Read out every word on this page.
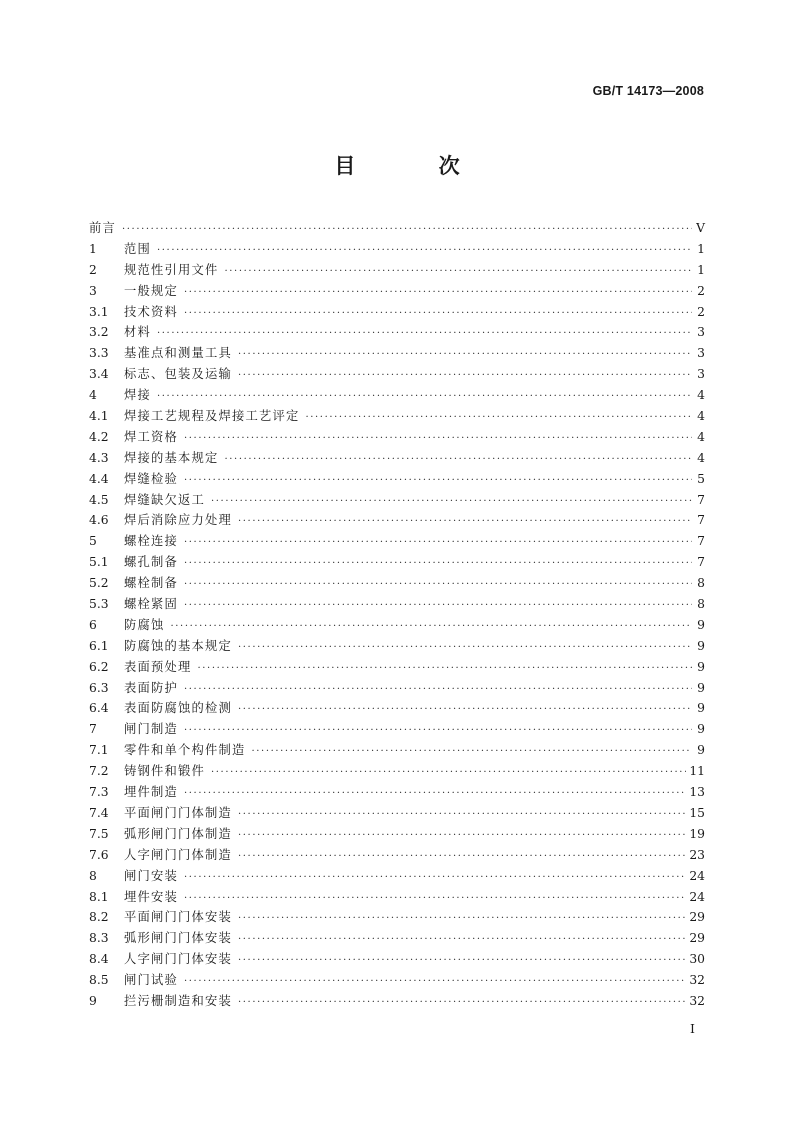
GB/T 14173—2008
目 次
前言 ·····	V
1	范围 ·····	1
2	规范性引用文件 ·····	1
3	一般规定 ·····	2
3.1	技术资料 ·····	2
3.2	材料 ·····	3
3.3	基准点和测量工具 ·····	3
3.4	标志、包装及运输 ·····	3
4	焊接 ·····	4
4.1	焊接工艺规程及焊接工艺评定 ·····	4
4.2	焊工资格 ·····	4
4.3	焊接的基本规定 ·····	4
4.4	焊缝检验 ·····	5
4.5	焊缝缺欠返工 ·····	7
4.6	焊后消除应力处理 ·····	7
5	螺栓连接 ·····	7
5.1	螺孔制备 ·····	7
5.2	螺栓制备 ·····	8
5.3	螺栓紧固 ·····	8
6	防腐蚀 ·····	9
6.1	防腐蚀的基本规定 ·····	9
6.2	表面预处理 ·····	9
6.3	表面防护 ·····	9
6.4	表面防腐蚀的检测 ·····	9
7	闸门制造 ·····	9
7.1	零件和单个构件制造 ·····	9
7.2	铸钢件和锻件 ·····	11
7.3	埋件制造 ·····	13
7.4	平面闸门门体制造 ·····	15
7.5	弧形闸门门体制造 ·····	19
7.6	人字闸门门体制造 ·····	23
8	闸门安装 ·····	24
8.1	埋件安装 ·····	24
8.2	平面闸门门体安装 ·····	29
8.3	弧形闸门门体安装 ·····	29
8.4	人字闸门门体安装 ·····	30
8.5	闸门试验 ·····	32
9	拦污栅制造和安装 ·····	32
I
